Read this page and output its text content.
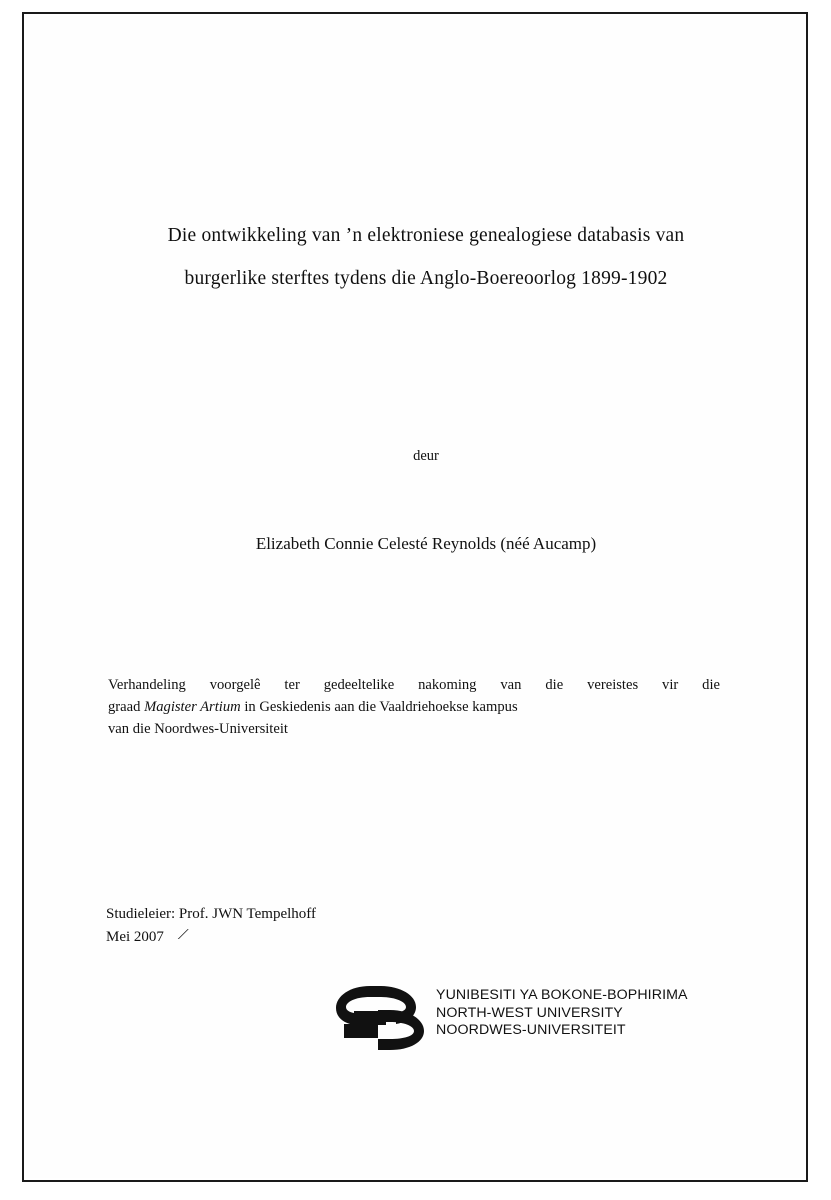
Die ontwikkeling van ’n elektroniese genealogiese databasis van
burgerlike sterftes tydens die Anglo-Boereoorlog 1899-1902
deur
Elizabeth Connie Celesté Reynolds (néé Aucamp)
Verhandeling voorgelê ter gedeeltelike nakoming van die vereistes vir die
graad Magister Artium in Geskiedenis aan die Vaaldriehoekse kampus
van die Noordwes-Universiteit
Studieleier: Prof. JWN Tempelhoff
Mei 2007 ∕
YUNIBESITI YA BOKONE-BOPHIRIMA
NORTH-WEST UNIVERSITY
NOORDWES-UNIVERSITEIT
